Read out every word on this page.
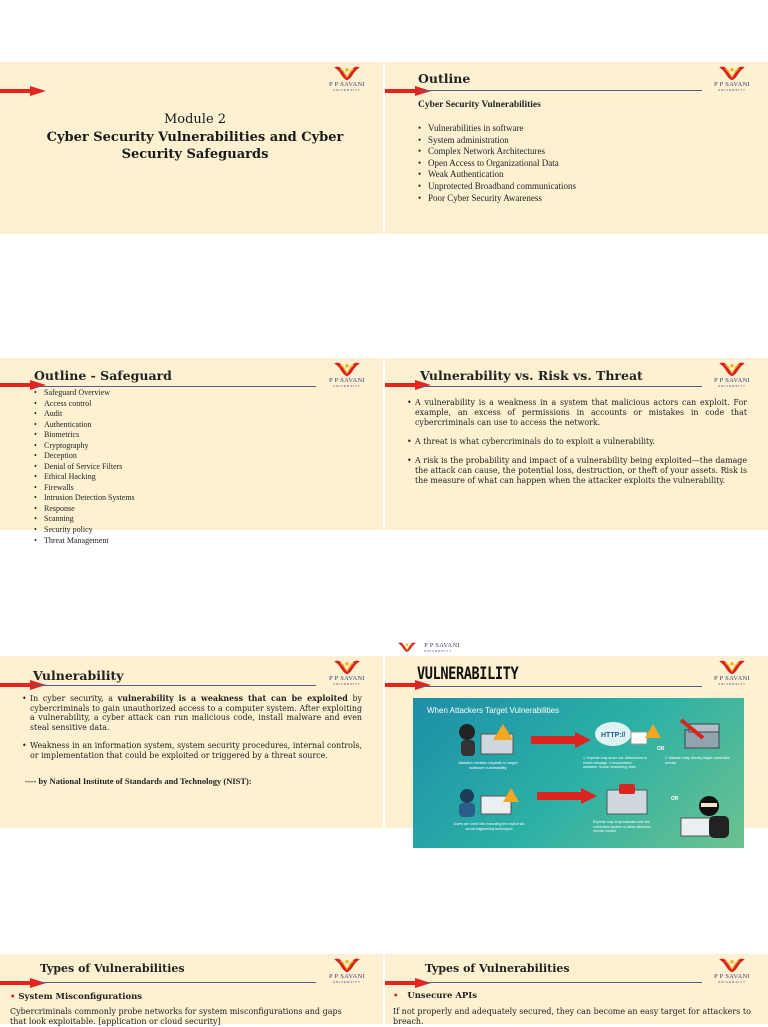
P P SAVANI
UNIVERSITY
Module 2
Cyber Security Vulnerabilities and Cyber
Security Safeguards
Outline	P P SAVANI
UNIVERSITY
Cyber Security Vulnerabilities
• Vulnerabilities in software
• System administration
• Complex Network Architectures
• Open Access to Organizational Data
• Weak Authentication
• Unprotected Broadband communications
• Poor Cyber Security Awareness
Outline - Safeguard	P P SAVANI
UNIVERSITY
• Safeguard Overview
• Access control
• Audit
• Authentication
• Biometrics
• Cryptography
• Deception
• Denial of Service Filters
• Ethical Hacking
• Firewalls
• Intrusion Detection Systems
• Response
• Scanning
• Security policy
• Threat Management
Vulnerability vs. Risk vs. Threat	P P SAVANI
UNIVERSITY

• A vulnerability is a weakness in a system that malicious actors can exploit. For example, an excess of permissions in accounts or mistakes in code that cybercriminals can use to access the network.

• A threat is what cybercriminals do to exploit a vulnerability.

• A risk is the probability and impact of a vulnerability being exploited—the damage the attack can cause, the potential loss, destruction, or theft of your assets. Risk is the measure of what can happen when the attacker exploits the vulnerability.

P P SAVANI
UNIVERSITY
Vulnerability	P P SAVANI
UNIVERSITY

• In cyber security, a vulnerability is a weakness that can be exploited by cybercriminals to gain unauthorized access to a computer system. After exploiting a vulnerability, a cyber attack can run malicious code, install malware and even steal sensitive data.

• Weakness in an information system, system security procedures, internal controls, or implementation that could be exploited or triggered by a threat source.

---- by National Institute of Standards and Technology (NIST):
VULNERABILITY	P P SAVANI
UNIVERSITY
When Attackers Target Vulnerabilities
Attacker creates exploits to target software vulnerability
HTTP://
1. Exploits may arrive via: Attachment to email message, Compromised websites, Social networking sites
OR
2. Attacker may directly target vulnerable service
Users are lured into executing the exploit via social engineering techniques
Exploits may drop malware onto the vulnerable system or allow attackers remote control
OR
Types of Vulnerabilities
P P SAVANI
UNIVERSITY
• System Misconfigurations
Cybercriminals commonly probe networks for system misconfigurations and gaps that look exploitable. [application or cloud security]
Types of Vulnerabilities
P P SAVANI
UNIVERSITY
• Unsecure APIs
If not properly and adequately secured, they can become an easy target for attackers to breach.
